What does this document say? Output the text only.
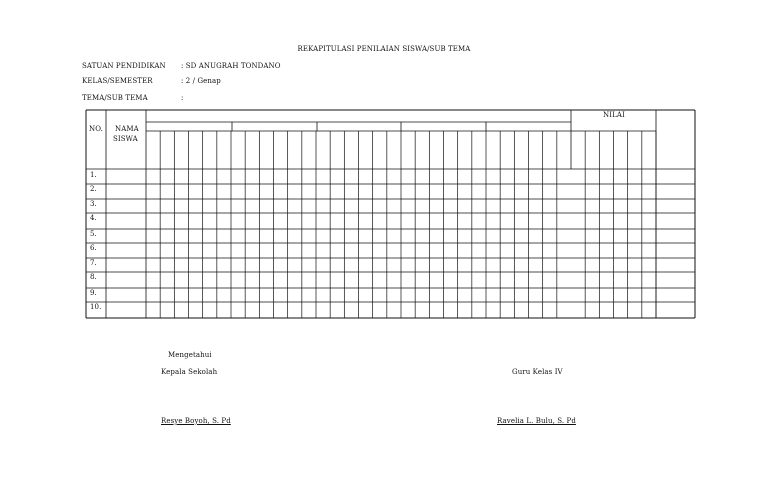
REKAPITULASI PENILAIAN SISWA/SUB TEMA
SATUAN PENDIDIKAN : SD ANUGRAH TONDANO
KELAS/SEMESTER	: 2 / Genap
TEMA/SUB TEMA	:
NO. NAMA
SISWA
NILAI
1.
2.
3.
4.
5.
6.
7.
8.
9.
10.
Mengetahui
Kepala Sekolah	Guru Kelas IV
Resye Boyoh, S. Pd	Ravelia L. Bulu, S. Pd
